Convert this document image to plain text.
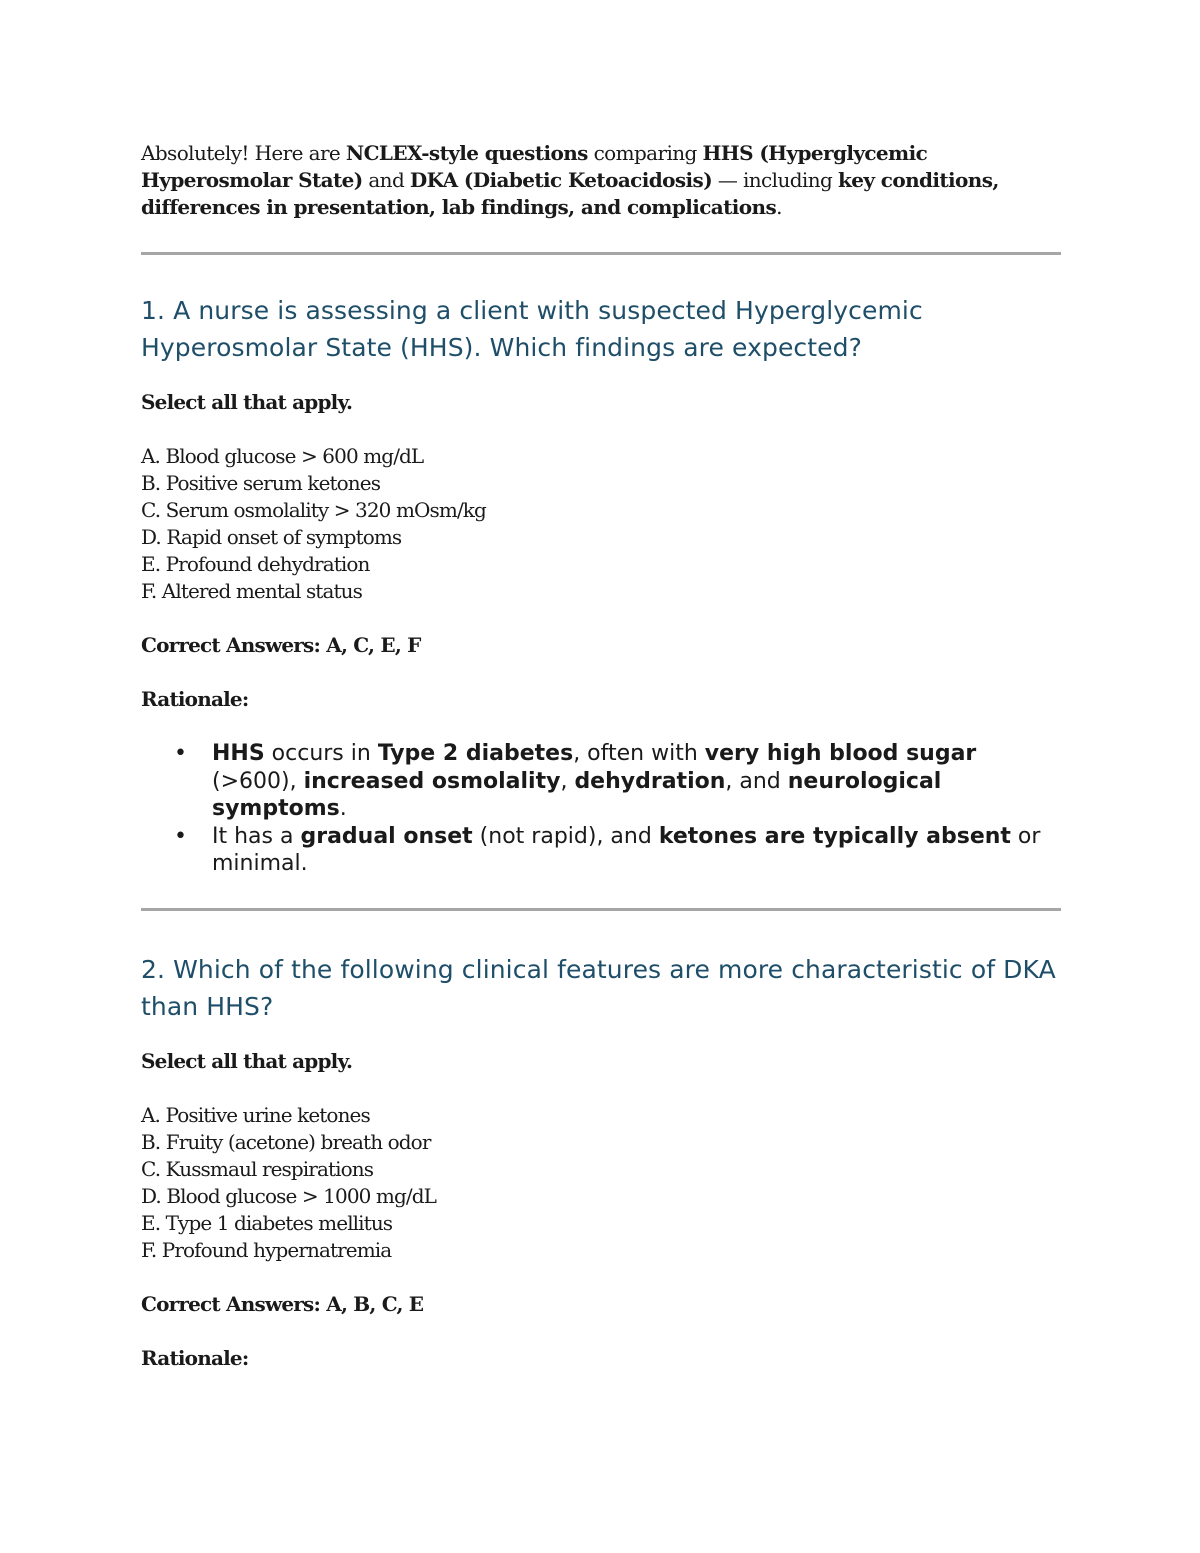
Absolutely! Here are NCLEX-style questions comparing HHS (Hyperglycemic Hyperosmolar State) and DKA (Diabetic Ketoacidosis) — including key conditions, differences in presentation, lab findings, and complications.

1. A nurse is assessing a client with suspected Hyperglycemic Hyperosmolar State (HHS). Which findings are expected?

Select all that apply.

A. Blood glucose > 600 mg/dL
B. Positive serum ketones
C. Serum osmolality > 320 mOsm/kg
D. Rapid onset of symptoms
E. Profound dehydration
F. Altered mental status

Correct Answers: A, C, E, F

Rationale:

• HHS occurs in Type 2 diabetes, often with very high blood sugar (>600), increased osmolality, dehydration, and neurological symptoms.
• It has a gradual onset (not rapid), and ketones are typically absent or minimal.
2. Which of the following clinical features are more characteristic of DKA than HHS?

Select all that apply.

A. Positive urine ketones
B. Fruity (acetone) breath odor
C. Kussmaul respirations
D. Blood glucose > 1000 mg/dL
E. Type 1 diabetes mellitus
F. Profound hypernatremia

Correct Answers: A, B, C, E

Rationale:
